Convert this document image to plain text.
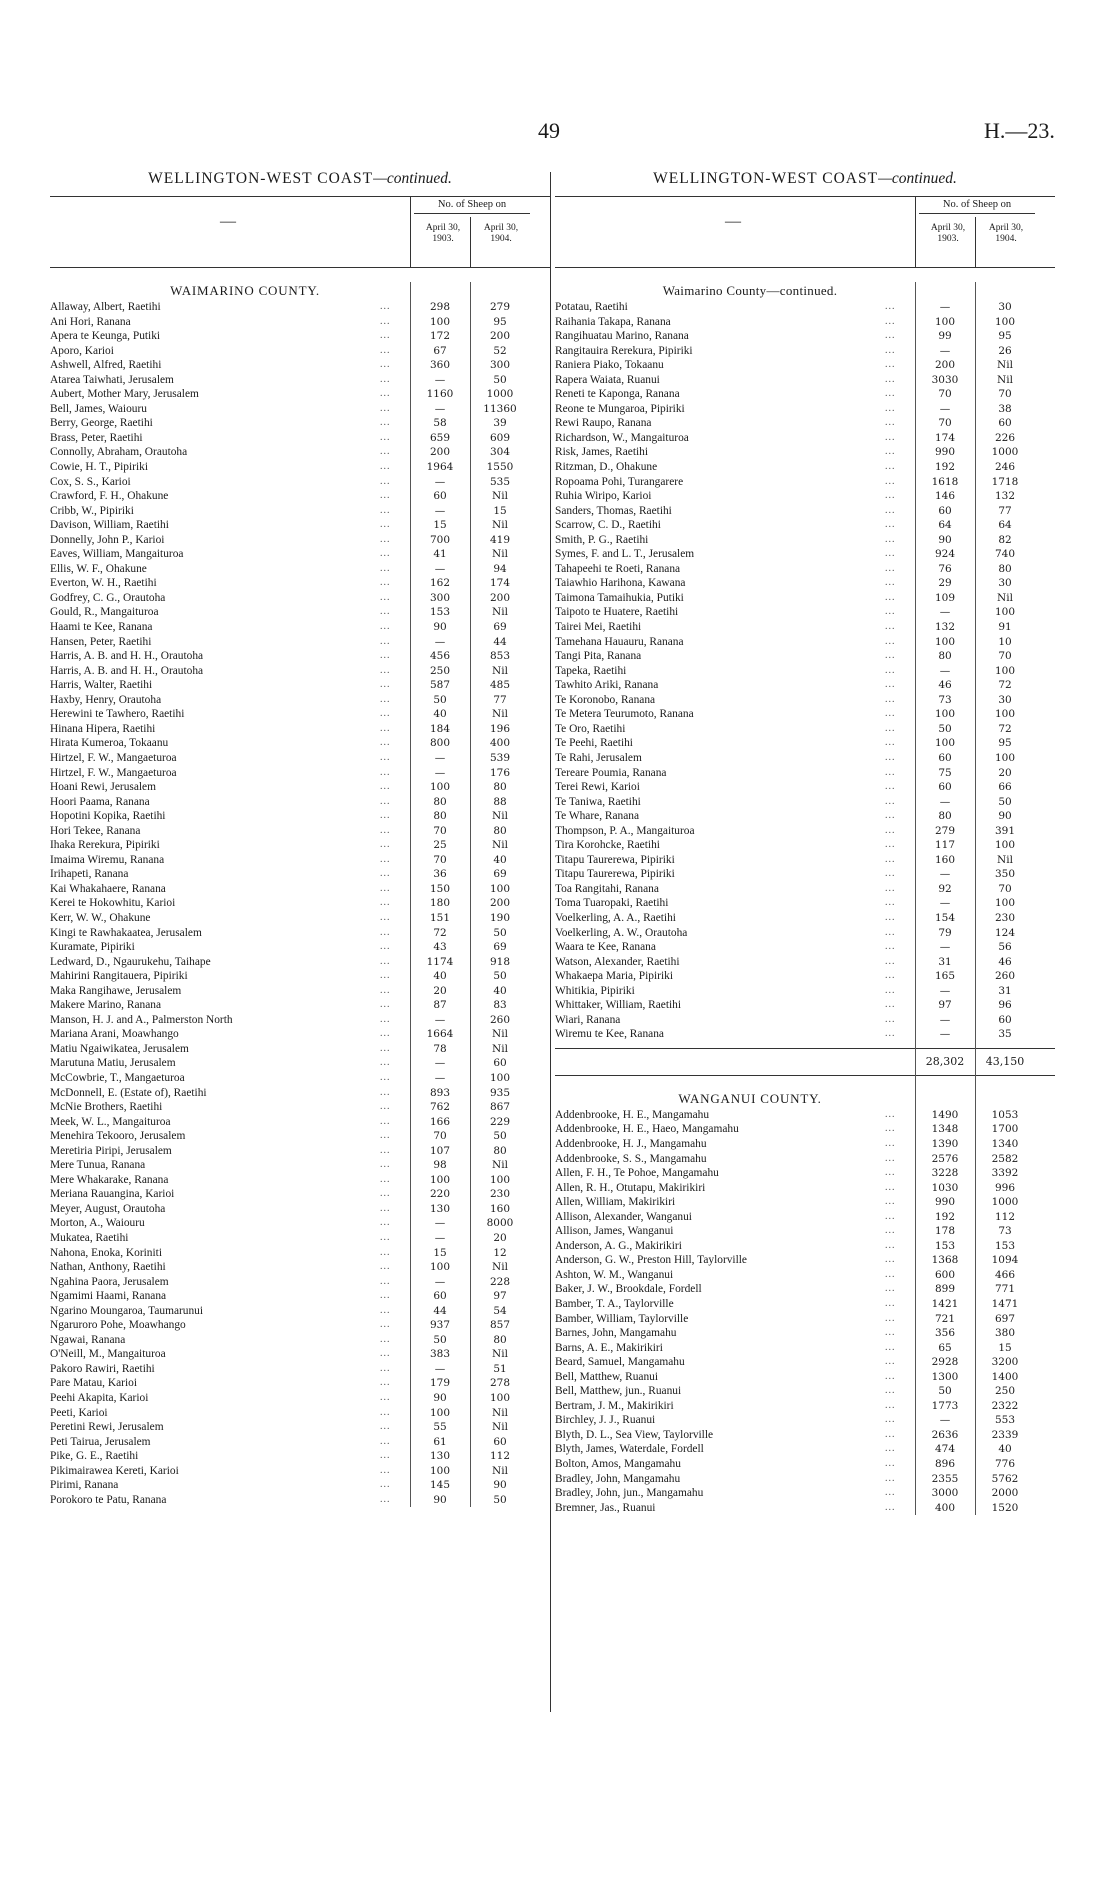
49	H.—23.
WELLINGTON-WEST COAST—continued.
—
No. of Sheep on
April 30, 1903.
April 30, 1904.
WAIMARINO COUNTY.
Allaway, Albert, Raetihi	...	298	279
Ani Hori, Ranana	...	100	95
Apera te Keunga, Putiki	...	172	200
Aporo, Karioi	...	67	52
Ashwell, Alfred, Raetihi	...	360	300
Atarea Taiwhati, Jerusalem	...	—	50
Aubert, Mother Mary, Jerusalem	...	1160	1000
Bell, James, Waiouru	...	—	11360
Berry, George, Raetihi	...	58	39
Brass, Peter, Raetihi	...	659	609
Connolly, Abraham, Orautoha	...	200	304
Cowie, H. T., Pipiriki	...	1964	1550
Cox, S. S., Karioi	...	—	535
Crawford, F. H., Ohakune	...	60	Nil
Cribb, W., Pipiriki	...	—	15
Davison, William, Raetihi	...	15	Nil
Donnelly, John P., Karioi	...	700	419
Eaves, William, Mangaituroa	...	41	Nil
Ellis, W. F., Ohakune	...	—	94
Everton, W. H., Raetihi	...	162	174
Godfrey, C. G., Orautoha	...	300	200
Gould, R., Mangaituroa	...	153	Nil
Haami te Kee, Ranana	...	90	69
Hansen, Peter, Raetihi	...	—	44
Harris, A. B. and H. H., Orautoha	...	456	853
Harris, A. B. and H. H., Orautoha	...	250	Nil
Harris, Walter, Raetihi	...	587	485
Haxby, Henry, Orautoha	...	50	77
Herewini te Tawhero, Raetihi	...	40	Nil
Hinana Hipera, Raetihi	...	184	196
Hirata Kumeroa, Tokaanu	...	800	400
Hirtzel, F. W., Mangaeturoa	...	—	539
Hirtzel, F. W., Mangaeturoa	...	—	176
Hoani Rewi, Jerusalem	...	100	80
Hoori Paama, Ranana	...	80	88
Hopotini Kopika, Raetihi	...	80	Nil
Hori Tekee, Ranana	...	70	80
Ihaka Rerekura, Pipiriki	...	25	Nil
Imaima Wiremu, Ranana	...	70	40
Irihapeti, Ranana	...	36	69
Kai Whakahaere, Ranana	...	150	100
Kerei te Hokowhitu, Karioi	...	180	200
Kerr, W. W., Ohakune	...	151	190
Kingi te Rawhakaatea, Jerusalem	...	72	50
Kuramate, Pipiriki	...	43	69
Ledward, D., Ngaurukehu, Taihape	...	1174	918
Mahirini Rangitauera, Pipiriki	...	40	50
Maka Rangihawe, Jerusalem	...	20	40
Makere Marino, Ranana	...	87	83
Manson, H. J. and A., Palmerston North	...	—	260
Mariana Arani, Moawhango	...	1664	Nil
Matiu Ngaiwikatea, Jerusalem	...	78	Nil
Marutuna Matiu, Jerusalem	...	—	60
McCowbrie, T., Mangaeturoa	...	—	100
McDonnell, E. (Estate of), Raetihi	...	893	935
McNie Brothers, Raetihi	...	762	867
Meek, W. L., Mangaituroa	...	166	229
Menehira Tekooro, Jerusalem	...	70	50
Meretiria Piripi, Jerusalem	...	107	80
Mere Tunua, Ranana	...	98	Nil
Mere Whakarake, Ranana	...	100	100
Meriana Rauangina, Karioi	...	220	230
Meyer, August, Orautoha	...	130	160
Morton, A., Waiouru	...	—	8000
Mukatea, Raetihi	...	—	20
Nahona, Enoka, Koriniti	...	15	12
Nathan, Anthony, Raetihi	...	100	Nil
Ngahina Paora, Jerusalem	...	—	228
Ngamimi Haami, Ranana	...	60	97
Ngarino Moungaroa, Taumarunui	...	44	54
Ngaruroro Pohe, Moawhango	...	937	857
Ngawai, Ranana	...	50	80
O'Neill, M., Mangaituroa	...	383	Nil
Pakoro Rawiri, Raetihi	...	—	51
Pare Matau, Karioi	...	179	278
Peehi Akapita, Karioi	...	90	100
Peeti, Karioi	...	100	Nil
Peretini Rewi, Jerusalem	...	55	Nil
Peti Tairua, Jerusalem	...	61	60
Pike, G. E., Raetihi	...	130	112
Pikimairawea Kereti, Karioi	...	100	Nil
Pirimi, Ranana	...	145	90
Porokoro te Patu, Ranana	...	90	50
WELLINGTON-WEST COAST—continued.
—
No. of Sheep on
April 30, 1903.
April 30, 1904.
Waimarino County—continued.
Potatau, Raetihi	...	—	30
Raihania Takapa, Ranana	...	100	100
Rangihuatau Marino, Ranana	...	99	95
Rangitauira Rerekura, Pipiriki	...	—	26
Raniera Piako, Tokaanu	...	200	Nil
Rapera Waiata, Ruanui	...	3030	Nil
Reneti te Kaponga, Ranana	...	70	70
Reone te Mungaroa, Pipiriki	...	—	38
Rewi Raupo, Ranana	...	70	60
Richardson, W., Mangaituroa	...	174	226
Risk, James, Raetihi	...	990	1000
Ritzman, D., Ohakune	...	192	246
Ropoama Pohi, Turangarere	...	1618	1718
Ruhia Wiripo, Karioi	...	146	132
Sanders, Thomas, Raetihi	...	60	77
Scarrow, C. D., Raetihi	...	64	64
Smith, P. G., Raetihi	...	90	82
Symes, F. and L. T., Jerusalem	...	924	740
Tahapeehi te Roeti, Ranana	...	76	80
Taiawhio Harihona, Kawana	...	29	30
Taimona Tamaihukia, Putiki	...	109	Nil
Taipoto te Huatere, Raetihi	...	—	100
Tairei Mei, Raetihi	...	132	91
Tamehana Hauauru, Ranana	...	100	10
Tangi Pita, Ranana	...	80	70
Tapeka, Raetihi	...	—	100
Tawhito Ariki, Ranana	...	46	72
Te Koronobo, Ranana	...	73	30
Te Metera Teurumoto, Ranana	...	100	100
Te Oro, Raetihi	...	50	72
Te Peehi, Raetihi	...	100	95
Te Rahi, Jerusalem	...	60	100
Tereare Poumia, Ranana	...	75	20
Terei Rewi, Karioi	...	60	66
Te Taniwa, Raetihi	...	—	50
Te Whare, Ranana	...	80	90
Thompson, P. A., Mangaituroa	...	279	391
Tira Korohcke, Raetihi	...	117	100
Titapu Taurerewa, Pipiriki	...	160	Nil
Titapu Taurerewa, Pipiriki	...	—	350
Toa Rangitahi, Ranana	...	92	70
Toma Tuaropaki, Raetihi	...	—	100
Voelkerling, A. A., Raetihi	...	154	230
Voelkerling, A. W., Orautoha	...	79	124
Waara te Kee, Ranana	...	—	56
Watson, Alexander, Raetihi	...	31	46
Whakaepa Maria, Pipiriki	...	165	260
Whitikia, Pipiriki	...	—	31
Whittaker, William, Raetihi	...	97	96
Wiari, Ranana	...	—	60
Wiremu te Kee, Ranana	...	—	35
28,302	43,150
WANGANUI COUNTY.
Addenbrooke, H. E., Mangamahu	...	1490	1053
Addenbrooke, H. E., Haeo, Mangamahu	...	1348	1700
Addenbrooke, H. J., Mangamahu	...	1390	1340
Addenbrooke, S. S., Mangamahu	...	2576	2582
Allen, F. H., Te Pohoe, Mangamahu	...	3228	3392
Allen, R. H., Otutapu, Makirikiri	...	1030	996
Allen, William, Makirikiri	...	990	1000
Allison, Alexander, Wanganui	...	192	112
Allison, James, Wanganui	...	178	73
Anderson, A. G., Makirikiri	...	153	153
Anderson, G. W., Preston Hill, Taylorville	...	1368	1094
Ashton, W. M., Wanganui	...	600	466
Baker, J. W., Brookdale, Fordell	...	899	771
Bamber, T. A., Taylorville	...	1421	1471
Bamber, William, Taylorville	...	721	697
Barnes, John, Mangamahu	...	356	380
Barns, A. E., Makirikiri	...	65	15
Beard, Samuel, Mangamahu	...	2928	3200
Bell, Matthew, Ruanui	...	1300	1400
Bell, Matthew, jun., Ruanui	...	50	250
Bertram, J. M., Makirikiri	...	1773	2322
Birchley, J. J., Ruanui	...	—	553
Blyth, D. L., Sea View, Taylorville	...	2636	2339
Blyth, James, Waterdale, Fordell	...	474	40
Bolton, Amos, Mangamahu	...	896	776
Bradley, John, Mangamahu	...	2355	5762
Bradley, John, jun., Mangamahu	...	3000	2000
Bremner, Jas., Ruanui	...	400	1520
